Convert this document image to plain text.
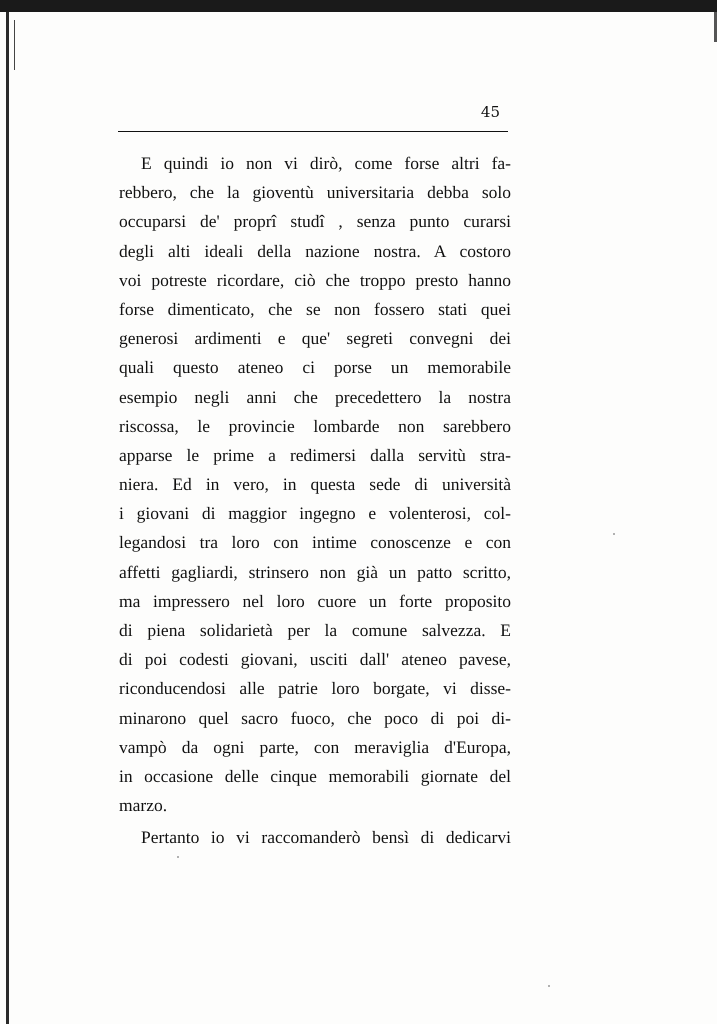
45
E quindi io non vi dirò, come forse altri fa-
rebbero, che la gioventù universitaria debba solo
occuparsi de' proprî studî , senza punto curarsi
degli alti ideali della nazione nostra. A costoro
voi potreste ricordare, ciò che troppo presto hanno
forse dimenticato, che se non fossero stati quei
generosi ardimenti e que' segreti convegni dei
quali questo ateneo ci porse un memorabile
esempio negli anni che precedettero la nostra
riscossa, le provincie lombarde non sarebbero
apparse le prime a redimersi dalla servitù stra-
niera. Ed in vero, in questa sede di università
i giovani di maggior ingegno e volenterosi, col-
legandosi tra loro con intime conoscenze e con
affetti gagliardi, strinsero non già un patto scritto,
ma impressero nel loro cuore un forte proposito
di piena solidarietà per la comune salvezza. E
di poi codesti giovani, usciti dall' ateneo pavese,
riconducendosi alle patrie loro borgate, vi disse-
minarono quel sacro fuoco, che poco di poi di-
vampò da ogni parte, con meraviglia d'Europa,
in occasione delle cinque memorabili giornate del
marzo.
Pertanto io vi raccomanderò bensì di dedicarvi
